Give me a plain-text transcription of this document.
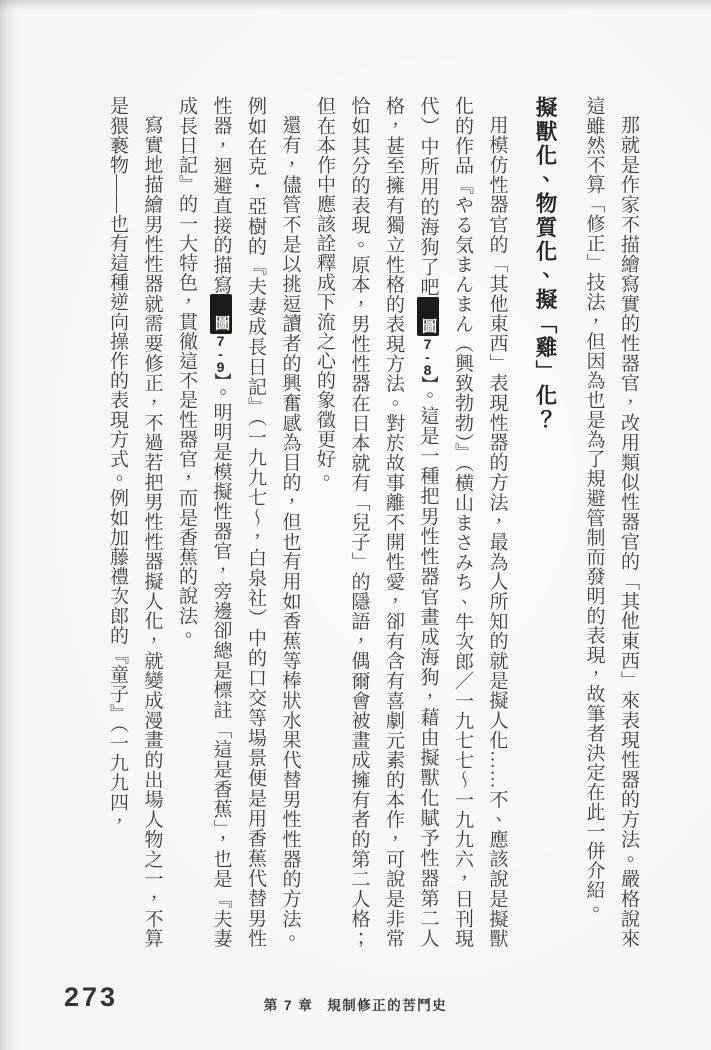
那就是作家不描繪寫實的性器官，改用類似性器官的「其他東西」來表現性器的方法。嚴格說來這雖然不算「修正」技法，但因為也是為了規避管制而發明的表現，故筆者決定在此一併介紹。

擬獸化、物質化、擬「雞」化？

用模仿性器官的「其他東西」表現性器的方法，最為人所知的就是擬人化……不、應該說是擬獸化的作品『やる気まんまん（興致勃勃）』（横山まさみち、牛次郎／一九七七～一九九六，日刊現代）中所用的海狗了吧圖7-8】。這是一種把男性性器官畫成海狗，藉由擬獸化賦予性器第二人格，甚至擁有獨立性格的表現方法。對於故事離不開性愛，卻有含有喜劇元素的本作，可說是非常恰如其分的表現。原本，男性性器在日本就有「兒子」的隱語，偶爾會被畫成擁有者的第二人格；但在本作中應該詮釋成下流之心的象徵更好。

還有，儘管不是以挑逗讀者的興奮感為目的，但也有用如香蕉等棒狀水果代替男性性器的方法。例如在克・亞樹的『夫妻成長日記』（一九九七～，白泉社）中的口交等場景便是用香蕉代替男性性器，迴避直接的描寫圖7-9】。明明是模擬性器官，旁邊卻總是標註「這是香蕉」，也是『夫妻成長日記』的一大特色，貫徹這不是性器官，而是香蕉的說法。

寫實地描繪男性性器就需要修正，不過若把男性性器擬人化，就變成漫畫的出場人物之一，不算是猥褻物——也有這種逆向操作的表現方式。例如加藤禮次郎的『童子』（一九九四，

273	第 7 章 規制修正的苦鬥史
